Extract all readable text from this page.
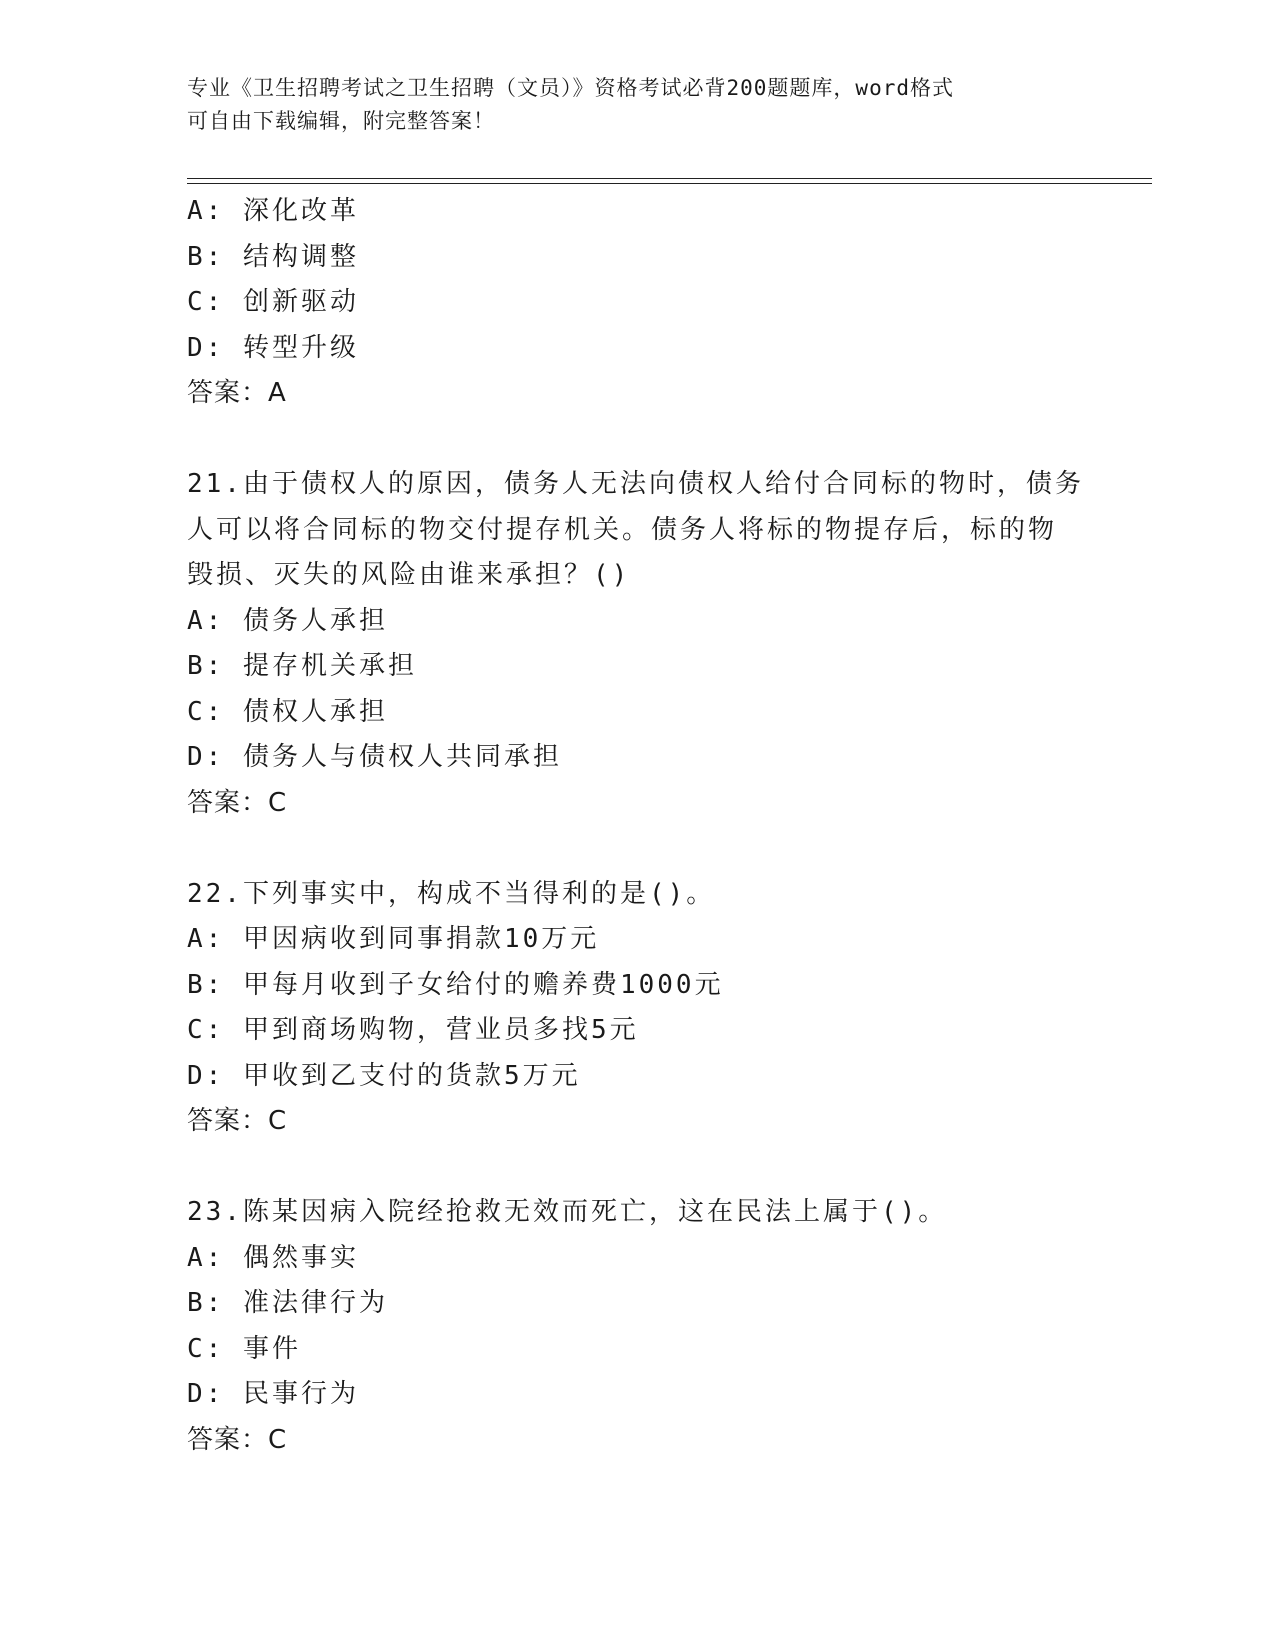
专业《卫生招聘考试之卫生招聘（文员）》资格考试必背200题题库，word格式
可自由下载编辑，附完整答案！
A: 深化改革
B: 结构调整
C: 创新驱动
D: 转型升级
答案：A
21.由于债权人的原因，债务人无法向债权人给付合同标的物时，债务
人可以将合同标的物交付提存机关。债务人将标的物提存后，标的物
毁损、灭失的风险由谁来承担？()
A: 债务人承担
B: 提存机关承担
C: 债权人承担
D: 债务人与债权人共同承担
答案：C
22.下列事实中，构成不当得利的是()。
A: 甲因病收到同事捐款10万元
B: 甲每月收到子女给付的赡养费1000元
C: 甲到商场购物，营业员多找5元
D: 甲收到乙支付的货款5万元
答案：C
23.陈某因病入院经抢救无效而死亡，这在民法上属于()。
A: 偶然事实
B: 准法律行为
C: 事件
D: 民事行为
答案：C
